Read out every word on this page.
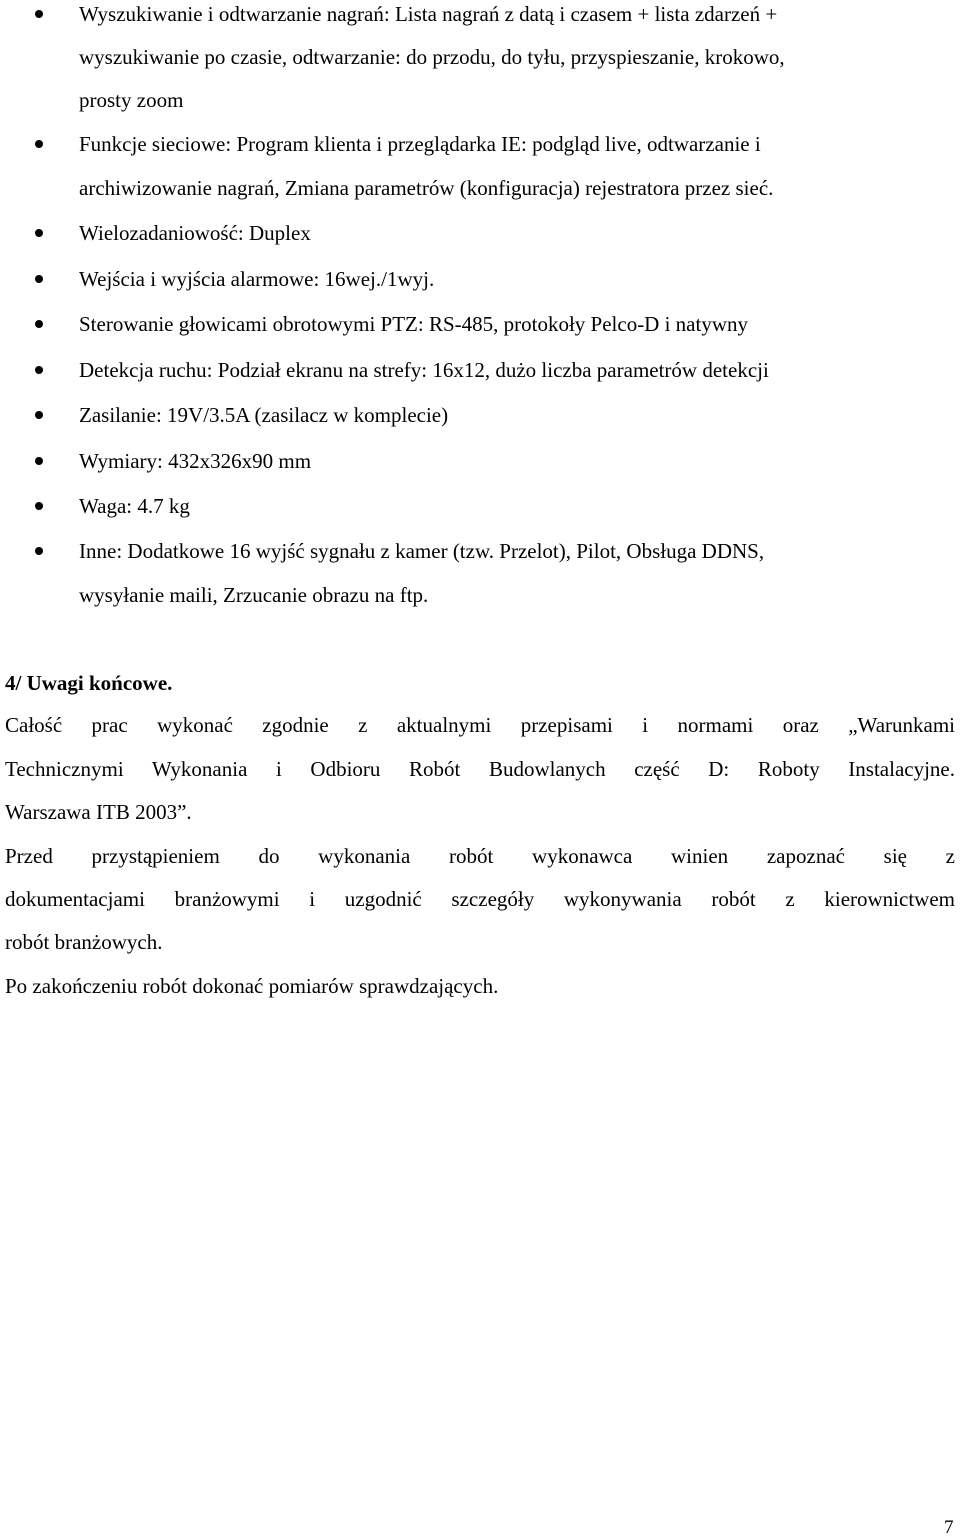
Wyszukiwanie i odtwarzanie nagrań: Lista nagrań z datą i czasem + lista zdarzeń +
wyszukiwanie po czasie, odtwarzanie: do przodu, do tyłu, przyspieszanie, krokowo,
prosty zoom
Funkcje sieciowe: Program klienta i przeglądarka IE: podgląd live, odtwarzanie i
archiwizowanie nagrań, Zmiana parametrów (konfiguracja) rejestratora przez sieć.
Wielozadaniowość: Duplex
Wejścia i wyjścia alarmowe: 16wej./1wyj.
Sterowanie głowicami obrotowymi PTZ: RS-485, protokoły Pelco-D i natywny
Detekcja ruchu: Podział ekranu na strefy: 16x12, dużo liczba parametrów detekcji
Zasilanie: 19V/3.5A (zasilacz w komplecie)
Wymiary: 432x326x90 mm
Waga: 4.7 kg
Inne: Dodatkowe 16 wyjść sygnału z kamer (tzw. Przelot), Pilot, Obsługa DDNS,
wysyłanie maili, Zrzucanie obrazu na ftp.
4/ Uwagi końcowe.
Całość prac wykonać zgodnie z aktualnymi przepisami i normami oraz „Warunkami
Technicznymi Wykonania i Odbioru Robót Budowlanych część D: Roboty Instalacyjne.
Warszawa ITB 2003”.
Przed przystąpieniem do wykonania robót wykonawca winien zapoznać się z
dokumentacjami branżowymi i uzgodnić szczegóły wykonywania robót z kierownictwem
robót branżowych.
Po zakończeniu robót dokonać pomiarów sprawdzających.
7
